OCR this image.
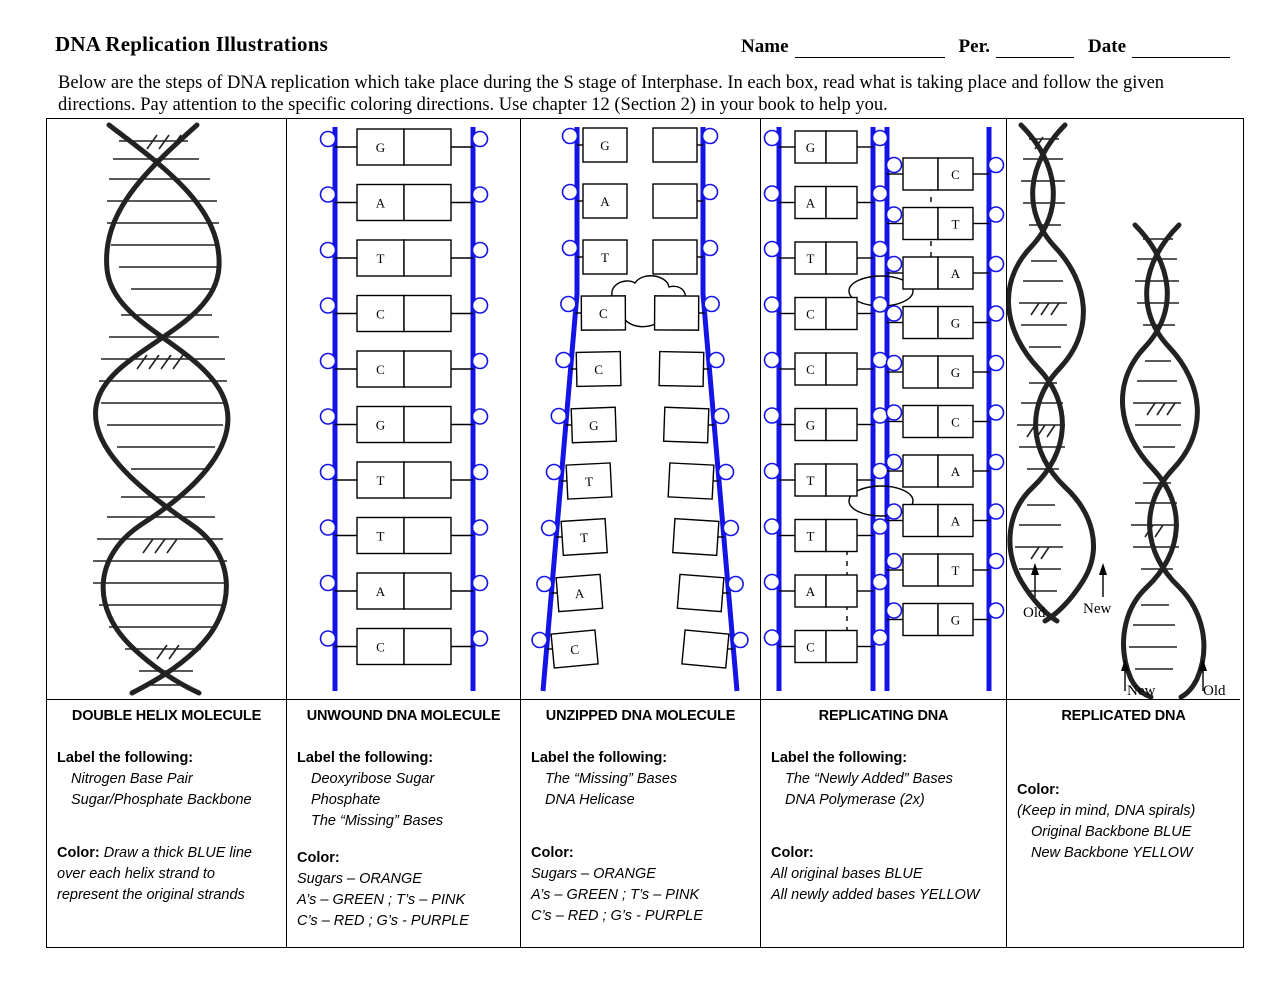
DNA Replication Illustrations	Name	Per.	Date
Below are the steps of DNA replication which take place during the S stage of Interphase. In each box, read what is taking place and follow the given directions. Pay attention to the specific coloring directions. Use chapter 12 (Section 2) in your book to help you.
DOUBLE HELIX MOLECULE
Label the following:
Nitrogen Base Pair
Sugar/Phosphate Backbone
Color: Draw a thick BLUE line
over each helix strand to
represent the original strands
G
A
T
C
C
G
T
T
A
C
UNWOUND DNA MOLECULE
Label the following:
Deoxyribose Sugar
Phosphate
The “Missing” Bases
Color:
Sugars – ORANGE
A’s – GREEN ; T’s – PINK
C’s – RED ; G’s - PURPLE
G
A
T
C
C
G
T
T
A
C
UNZIPPED DNA MOLECULE
Label the following:
The “Missing” Bases
DNA Helicase
Color:
Sugars – ORANGE
A’s – GREEN ; T’s – PINK
C’s – RED ; G’s - PURPLE
G
A
T
C
C
G
T
T
A
C
C
T
A
G
G
C
A
A
T
G
REPLICATING DNA
Label the following:
The “Newly Added” Bases
DNA Polymerase (2x)
Color:
All original bases BLUE
All newly added bases YELLOW
Old	New
New	Old
REPLICATED DNA
Color:
(Keep in mind, DNA spirals)
Original Backbone BLUE
New Backbone YELLOW
